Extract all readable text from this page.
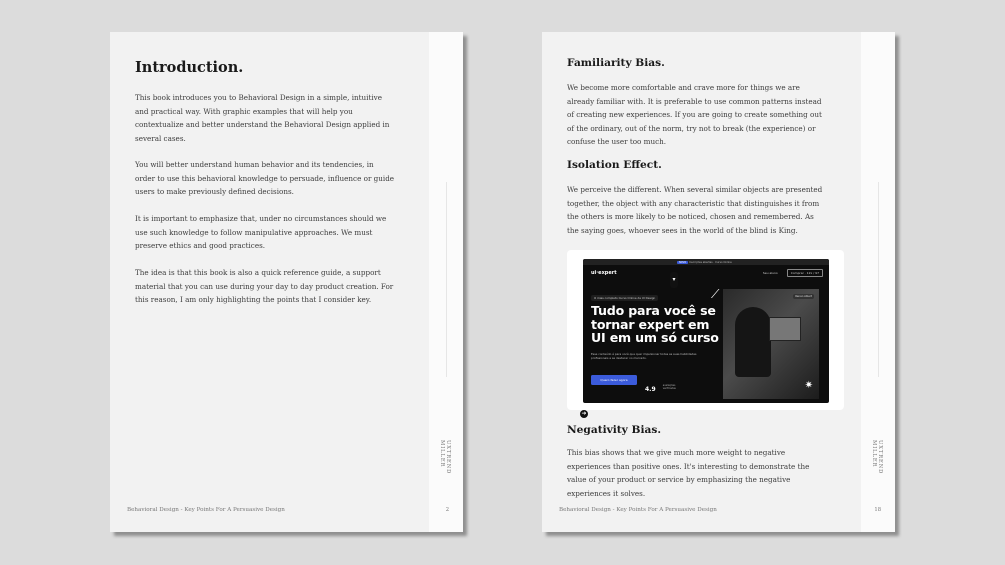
Introduction.

This book introduces you to Behavioral Design in a simple, intuitive and practical way. With graphic examples that will help you contextualize and better understand the Behavioral Design applied in several cases.

You will better understand human behavior and its tendencies, in order to use this behavioral knowledge to persuade, influence or guide users to make previously defined decisions.

It is important to emphasize that, under no circumstances should we use such knowledge to follow manipulative approaches. We must preserve ethics and good practices.

The idea is that this book is also a quick reference guide, a support material that you can use during your day to day product creation. For this reason, I am only highlighting the points that I consider key.

Behavioral Design - Key Points For A Persuasive Design
UXTREND MILLER
2
Familiarity Bias.

We become more comfortable and crave more for things we are already familiar with. It is preferable to use common patterns instead of creating new experiences. If you are going to create something out of the ordinary, out of the norm, try not to break (the experience) or confuse the user too much.

Isolation Effect.

We perceive the different. When several similar objects are presented together, the object with any characteristic that distinguishes it from the others is more likely to be noticed, chosen and remembered. As the saying goes, whoever sees in the world of the blind is King.

NOVO	Inscrições abertas · Curso Online
ui·expert	Seu aluno	Comprar · 12x / 97
O mais completo Curso Online de UI Design

Tudo para você se tornar expert em UI em um só curso

Esse conteúdo é para você que quer impulsionar todas as suas habilidades profissionais e se destacar no mercado.

Quero fazer agora
4.9 avaliações verificadas
⟋	Renan Albert
✷
▾
➜
Negativity Bias.

This bias shows that we give much more weight to negative experiences than positive ones. It's interesting to demonstrate the value of your product or service by emphasizing the negative experiences it solves.

Behavioral Design - Key Points For A Persuasive Design
UXTREND MILLER
18
